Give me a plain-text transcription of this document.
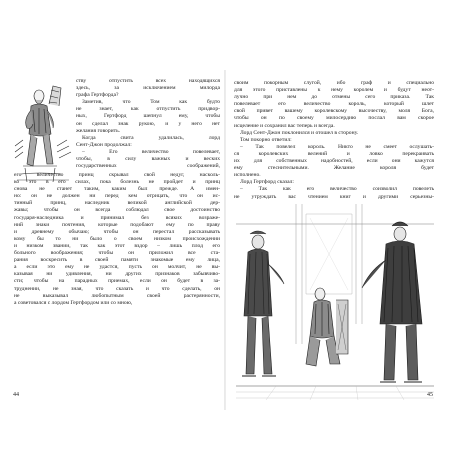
ству отпустить всех находящихся
здесь, за исключением милорда
графа Гертфорда?
Заметив, что Том как будто
не знает, как отпустить придвор-
ных, Гертфорд шепнул ему, чтобы
он сделал знак рукою, и у него нет
желания говорить.
Когда свита удалилась, лорд
Сент-Джон продолжал:
– Его величество повелевает,
чтобы, в силу важных и веских
государственных соображений,
его величество принц скрывал свой недуг, насколь-
ко это в его силах, пока болезнь не пройдет и принц
снова не станет таким, каким был прежде. А имен-
но: он не должен ни перед кем отрицать, что он ис-
тинный принц, наследник великой английской дер-
жавы; чтобы он всегда соблюдал свое достоинство
государя-наследника и принимал без всяких возраже-
ний знаки почтения, которые подобают ему по праву
и древнему обычаю; чтобы он перестал рассказывать
кому бы то ни было о своем низком происхождении
и низком звании, так как этот вздор – лишь плод его
больного воображения; чтобы он приложил все ста-
рания воскресить в своей памяти знакомые ему лица,
а если это ему не удастся, пусть он молчит, не вы-
казывая ни удивления, ни других признаков забывчиво-
сти; чтобы на парадных приемах, если он будет в за-
труднении, не зная, что сказать и что сделать, он
не выказывал любопытным своей растерянности,
а советовался с лордом Гертфордом или со мною,
44
своим покорным слугой, ибо граф и специально
для этого приставлены к нему королем и будут неот-
лучно при нем до отмены сего приказа. Так
повелевает его величество король, который шлет
свой привет вашему королевскому высочеству, моля Бога,
чтобы он по своему милосердию послал вам скорое
исцеление и сохранил вас теперь и всегда.
Лорд Сент-Джон поклонился и отошел в сторону.
Том покорно ответил:
– Так повелел король. Никто не смеет ослушать-
ся королевских велений и ловко перекраивать
их для собственных надобностей, если они кажутся
ему стеснительными. Желание короля будет
исполнено.
Лорд Гертфорд сказал:
– Так как его величество соизволил повелеть
не утруждать вас чтением книг и другими серьезны-
45
